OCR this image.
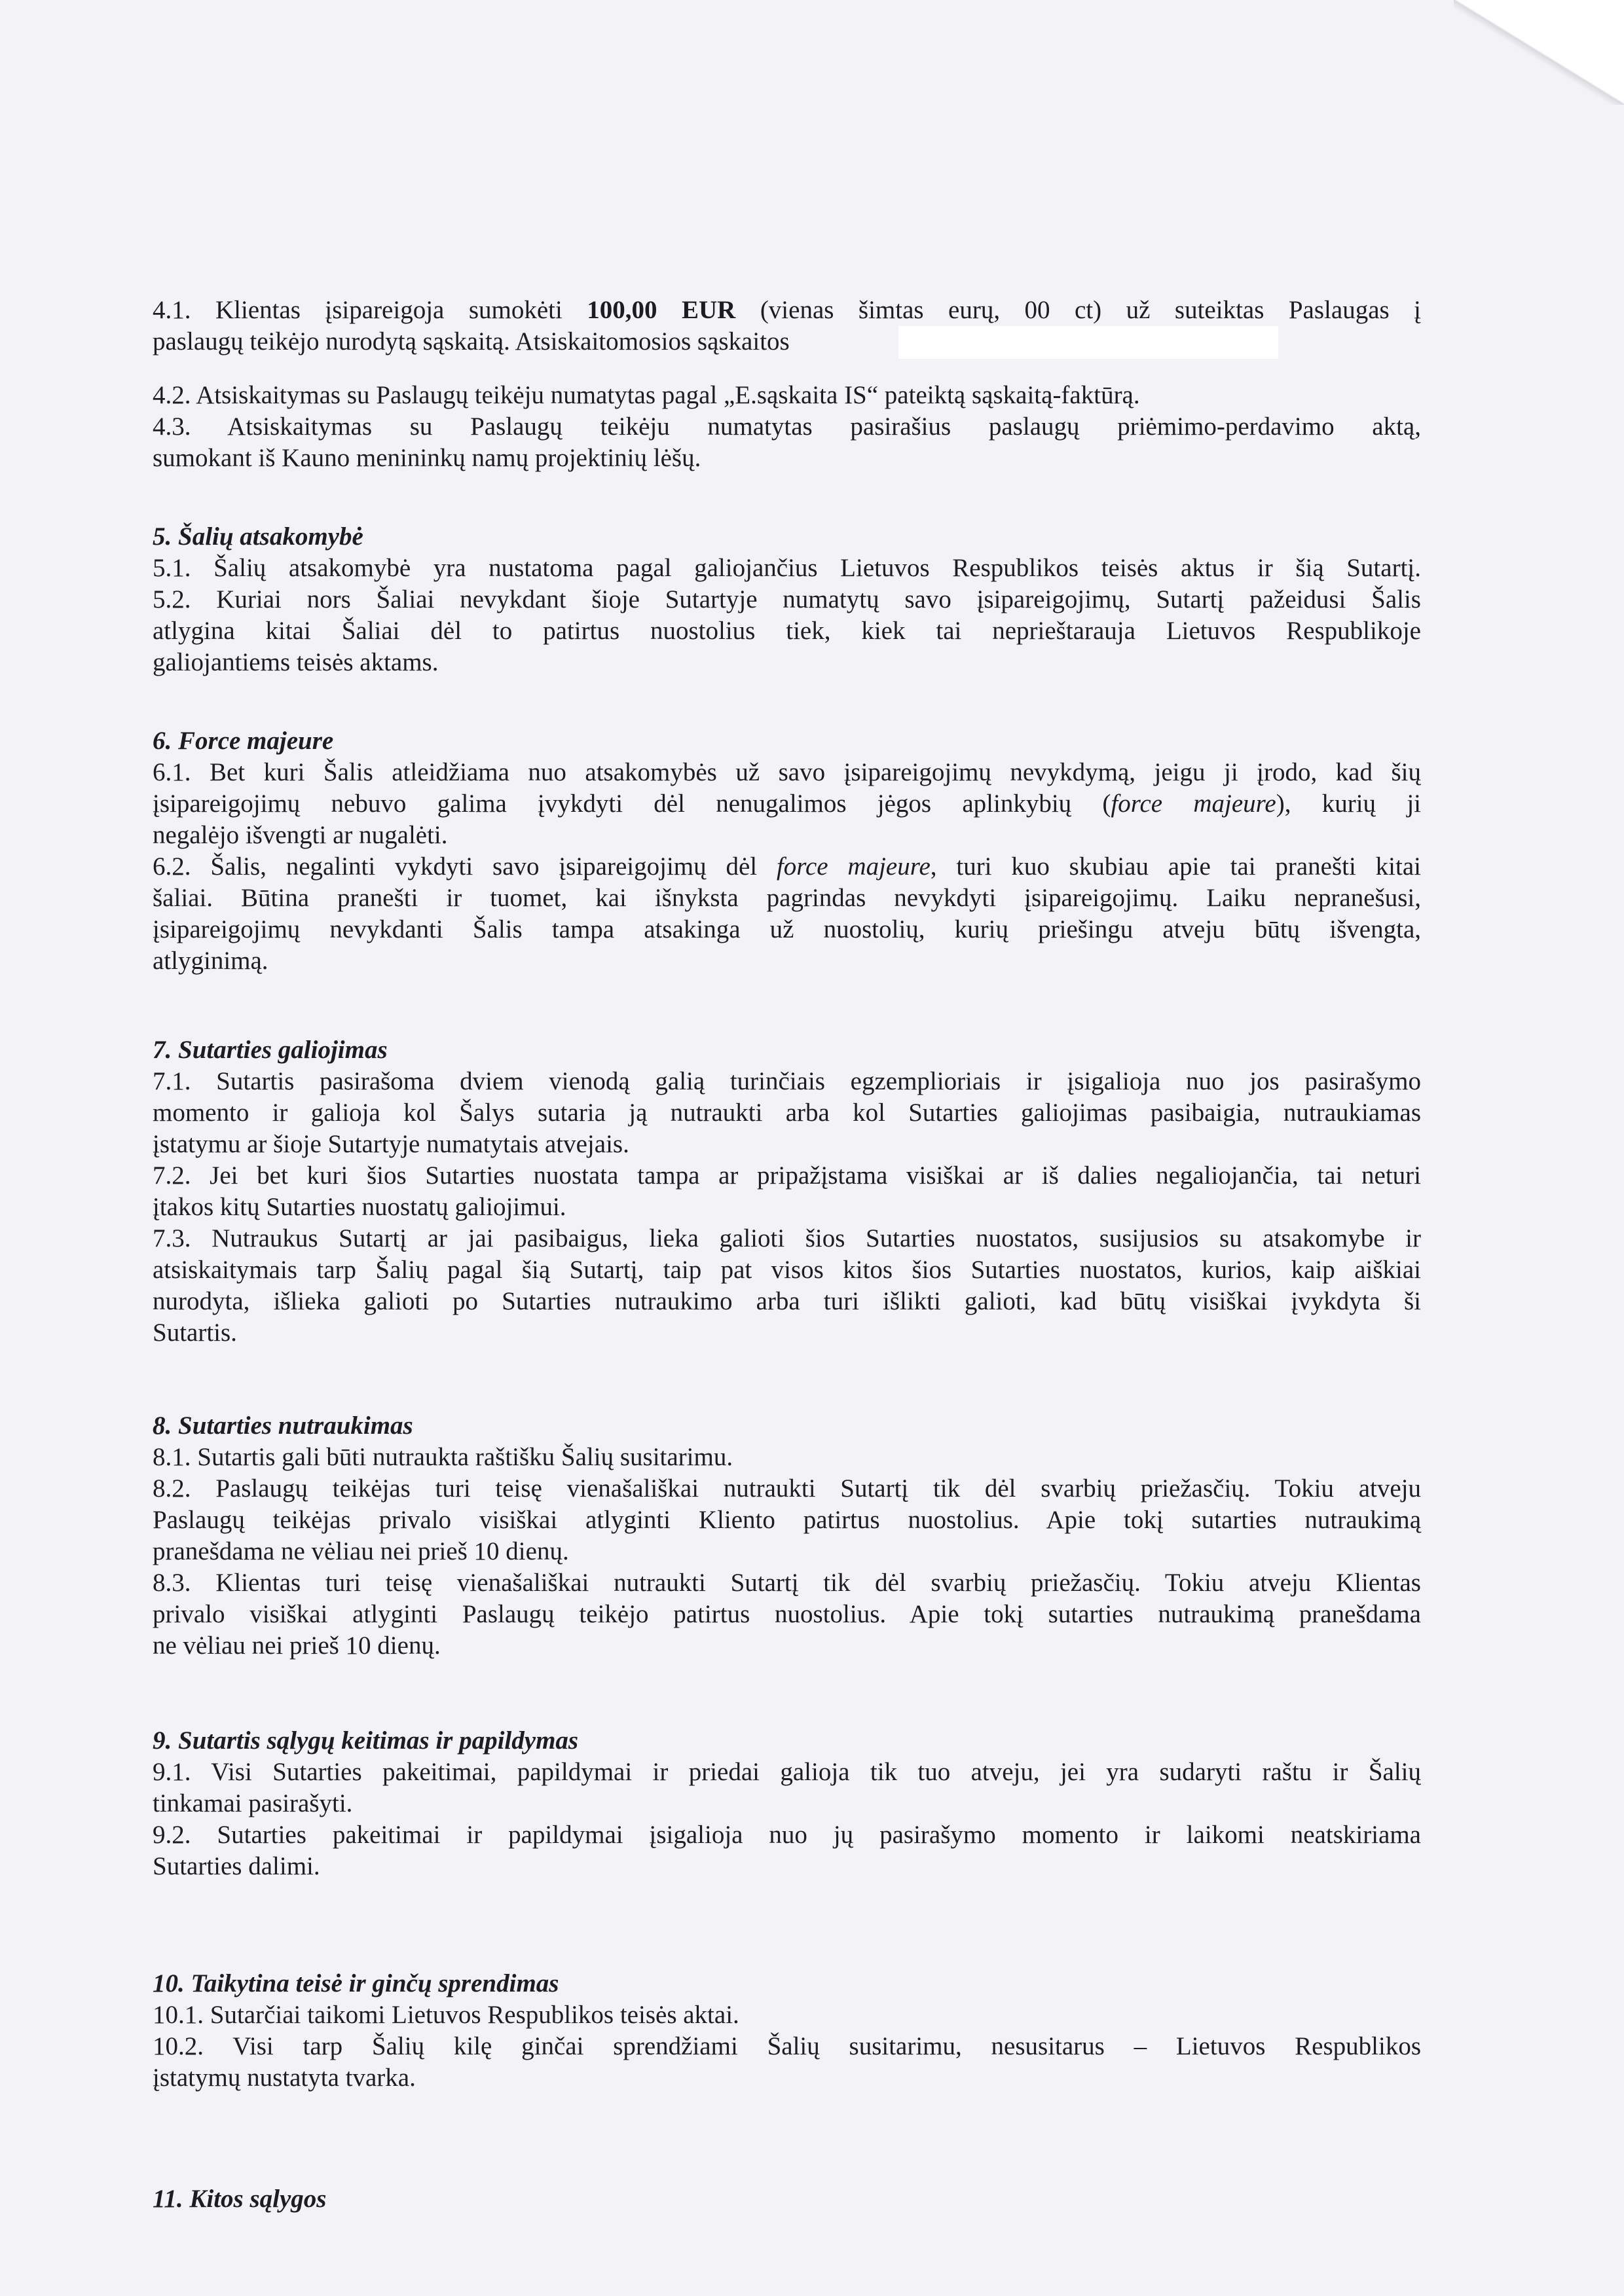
4.1. Klientas įsipareigoja sumokėti 100,00 EUR (vienas šimtas eurų, 00 ct) už suteiktas Paslaugas į
paslaugų teikėjo nurodytą sąskaitą. Atsiskaitomosios sąskaitos
4.2. Atsiskaitymas su Paslaugų teikėju numatytas pagal „E.sąskaita IS“ pateiktą sąskaitą-faktūrą.
4.3. Atsiskaitymas su Paslaugų teikėju numatytas pasirašius paslaugų priėmimo-perdavimo aktą,
sumokant iš Kauno menininkų namų projektinių lėšų.
5. Šalių atsakomybė
5.1. Šalių atsakomybė yra nustatoma pagal galiojančius Lietuvos Respublikos teisės aktus ir šią Sutartį.
5.2. Kuriai nors Šaliai nevykdant šioje Sutartyje numatytų savo įsipareigojimų, Sutartį pažeidusi Šalis
atlygina kitai Šaliai dėl to patirtus nuostolius tiek, kiek tai neprieštarauja Lietuvos Respublikoje
galiojantiems teisės aktams.
6. Force majeure
6.1. Bet kuri Šalis atleidžiama nuo atsakomybės už savo įsipareigojimų nevykdymą, jeigu ji įrodo, kad šių
įsipareigojimų nebuvo galima įvykdyti dėl nenugalimos jėgos aplinkybių (force majeure), kurių ji
negalėjo išvengti ar nugalėti.
6.2. Šalis, negalinti vykdyti savo įsipareigojimų dėl force majeure, turi kuo skubiau apie tai pranešti kitai
šaliai. Būtina pranešti ir tuomet, kai išnyksta pagrindas nevykdyti įsipareigojimų. Laiku nepranešusi,
įsipareigojimų nevykdanti Šalis tampa atsakinga už nuostolių, kurių priešingu atveju būtų išvengta,
atlyginimą.
7. Sutarties galiojimas
7.1. Sutartis pasirašoma dviem vienodą galią turinčiais egzemplioriais ir įsigalioja nuo jos pasirašymo
momento ir galioja kol Šalys sutaria ją nutraukti arba kol Sutarties galiojimas pasibaigia, nutraukiamas
įstatymu ar šioje Sutartyje numatytais atvejais.
7.2. Jei bet kuri šios Sutarties nuostata tampa ar pripažįstama visiškai ar iš dalies negaliojančia, tai neturi
įtakos kitų Sutarties nuostatų galiojimui.
7.3. Nutraukus Sutartį ar jai pasibaigus, lieka galioti šios Sutarties nuostatos, susijusios su atsakomybe ir
atsiskaitymais tarp Šalių pagal šią Sutartį, taip pat visos kitos šios Sutarties nuostatos, kurios, kaip aiškiai
nurodyta, išlieka galioti po Sutarties nutraukimo arba turi išlikti galioti, kad būtų visiškai įvykdyta ši
Sutartis.
8. Sutarties nutraukimas
8.1. Sutartis gali būti nutraukta raštišku Šalių susitarimu.
8.2. Paslaugų teikėjas turi teisę vienašališkai nutraukti Sutartį tik dėl svarbių priežasčių. Tokiu atveju
Paslaugų teikėjas privalo visiškai atlyginti Kliento patirtus nuostolius. Apie tokį sutarties nutraukimą
pranešdama ne vėliau nei prieš 10 dienų.
8.3. Klientas turi teisę vienašališkai nutraukti Sutartį tik dėl svarbių priežasčių. Tokiu atveju Klientas
privalo visiškai atlyginti Paslaugų teikėjo patirtus nuostolius. Apie tokį sutarties nutraukimą pranešdama
ne vėliau nei prieš 10 dienų.
9. Sutartis sąlygų keitimas ir papildymas
9.1. Visi Sutarties pakeitimai, papildymai ir priedai galioja tik tuo atveju, jei yra sudaryti raštu ir Šalių
tinkamai pasirašyti.
9.2. Sutarties pakeitimai ir papildymai įsigalioja nuo jų pasirašymo momento ir laikomi neatskiriama
Sutarties dalimi.
10. Taikytina teisė ir ginčų sprendimas
10.1. Sutarčiai taikomi Lietuvos Respublikos teisės aktai.
10.2. Visi tarp Šalių kilę ginčai sprendžiami Šalių susitarimu, nesusitarus – Lietuvos Respublikos
įstatymų nustatyta tvarka.
11. Kitos sąlygos
